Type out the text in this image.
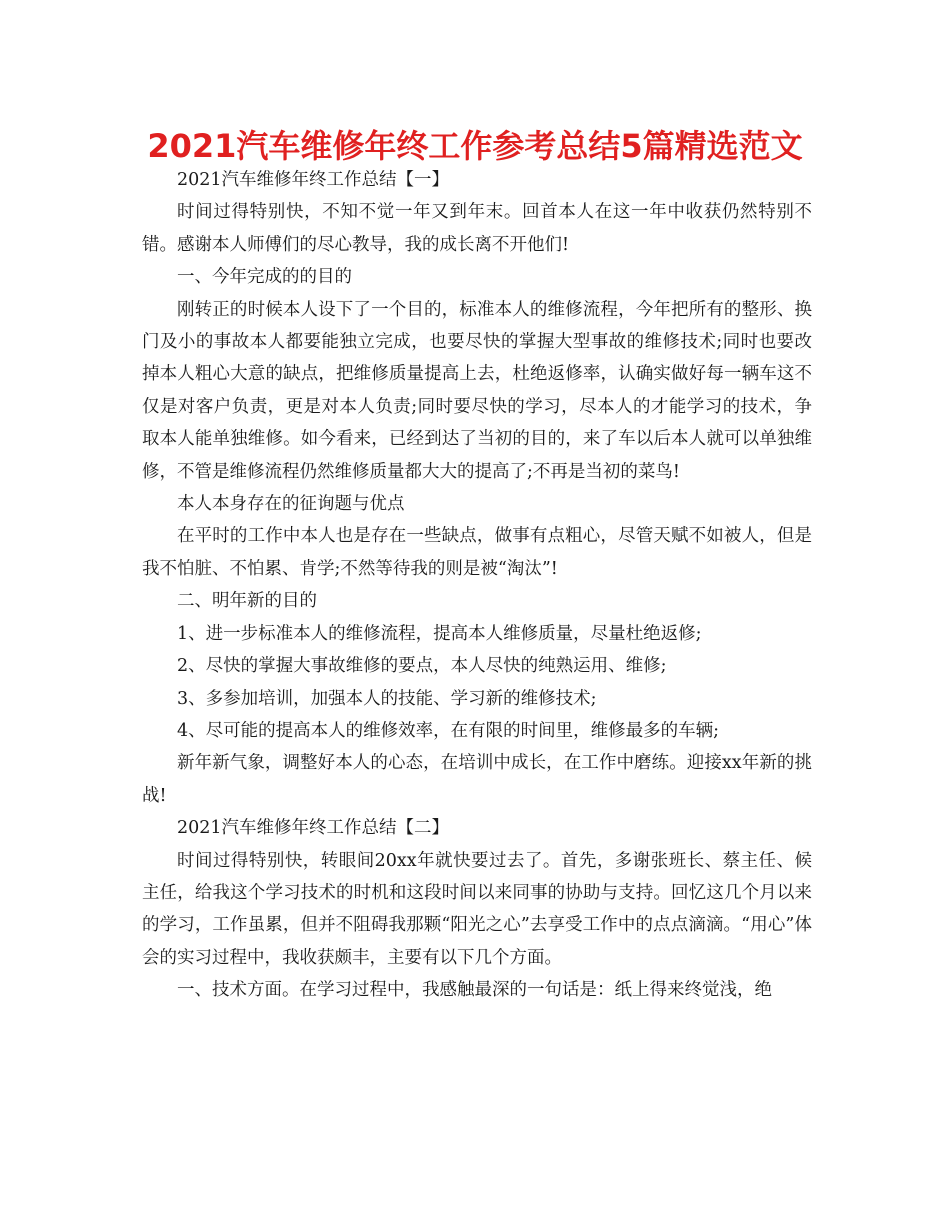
2021汽车维修年终工作参考总结5篇精选范文

2021汽车维修年终工作总结【一】

时间过得特别快，不知不觉一年又到年末。回首本人在这一年中收获仍然特别不错。感谢本人师傅们的尽心教导，我的成长离不开他们!

一、今年完成的的目的

刚转正的时候本人设下了一个目的，标准本人的维修流程，今年把所有的整形、换门及小的事故本人都要能独立完成，也要尽快的掌握大型事故的维修技术;同时也要改掉本人粗心大意的缺点，把维修质量提高上去，杜绝返修率，认确实做好每一辆车这不仅是对客户负责，更是对本人负责;同时要尽快的学习，尽本人的才能学习的技术，争取本人能单独维修。如今看来，已经到达了当初的目的，来了车以后本人就可以单独维修，不管是维修流程仍然维修质量都大大的提高了;不再是当初的菜鸟!

本人本身存在的征询题与优点

在平时的工作中本人也是存在一些缺点，做事有点粗心，尽管天赋不如被人，但是我不怕脏、不怕累、肯学;不然等待我的则是被“淘汰”!

二、明年新的目的

1、进一步标准本人的维修流程，提高本人维修质量，尽量杜绝返修;

2、尽快的掌握大事故维修的要点，本人尽快的纯熟运用、维修;

3、多参加培训，加强本人的技能、学习新的维修技术;

4、尽可能的提高本人的维修效率，在有限的时间里，维修最多的车辆;

新年新气象，调整好本人的心态，在培训中成长，在工作中磨练。迎接xx年新的挑战!

2021汽车维修年终工作总结【二】

时间过得特别快，转眼间20xx年就快要过去了。首先，多谢张班长、蔡主任、候主任，给我这个学习技术的时机和这段时间以来同事的协助与支持。回忆这几个月以来的学习，工作虽累，但并不阻碍我那颗“阳光之心”去享受工作中的点点滴滴。“用心”体会的实习过程中，我收获颇丰，主要有以下几个方面。

一、技术方面。在学习过程中，我感触最深的一句话是：纸上得来终觉浅，绝
